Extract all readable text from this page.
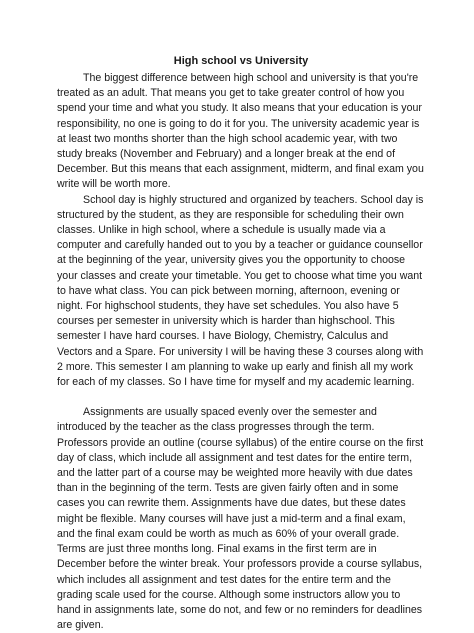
High school vs University

The biggest difference between high school and university is that you're treated as an adult. That means you get to take greater control of how you spend your time and what you study. It also means that your education is your responsibility, no one is going to do it for you. The university academic year is at least two months shorter than the high school academic year, with two study breaks (November and February) and a longer break at the end of December. But this means that each assignment, midterm, and final exam you write will be worth more.

School day is highly structured and organized by teachers. School day is structured by the student, as they are responsible for scheduling their own classes. Unlike in high school, where a schedule is usually made via a computer and carefully handed out to you by a teacher or guidance counsellor at the beginning of the year, university gives you the opportunity to choose your classes and create your timetable. You get to choose what time you want to have what class. You can pick between morning, afternoon, evening or night. For highschool students, they have set schedules. You also have 5 courses per semester in university which is harder than highschool. This semester I have hard courses. I have Biology, Chemistry, Calculus and Vectors and a Spare. For university I will be having these 3 courses along with 2 more. This semester I am planning to wake up early and finish all my work for each of my classes. So I have time for myself and my academic learning.

Assignments are usually spaced evenly over the semester and introduced by the teacher as the class progresses through the term. Professors provide an outline (course syllabus) of the entire course on the first day of class, which include all assignment and test dates for the entire term, and the latter part of a course may be weighted more heavily with due dates than in the beginning of the term. Tests are given fairly often and in some cases you can rewrite them. Assignments have due dates, but these dates might be flexible. Many courses will have just a mid-term and a final exam, and the final exam could be worth as much as 60% of your overall grade. Terms are just three months long. Final exams in the first term are in December before the winter break. Your professors provide a course syllabus, which includes all assignment and test dates for the entire term and the grading scale used for the course. Although some instructors allow you to hand in assignments late, some do not, and few or no reminders for deadlines are given.
